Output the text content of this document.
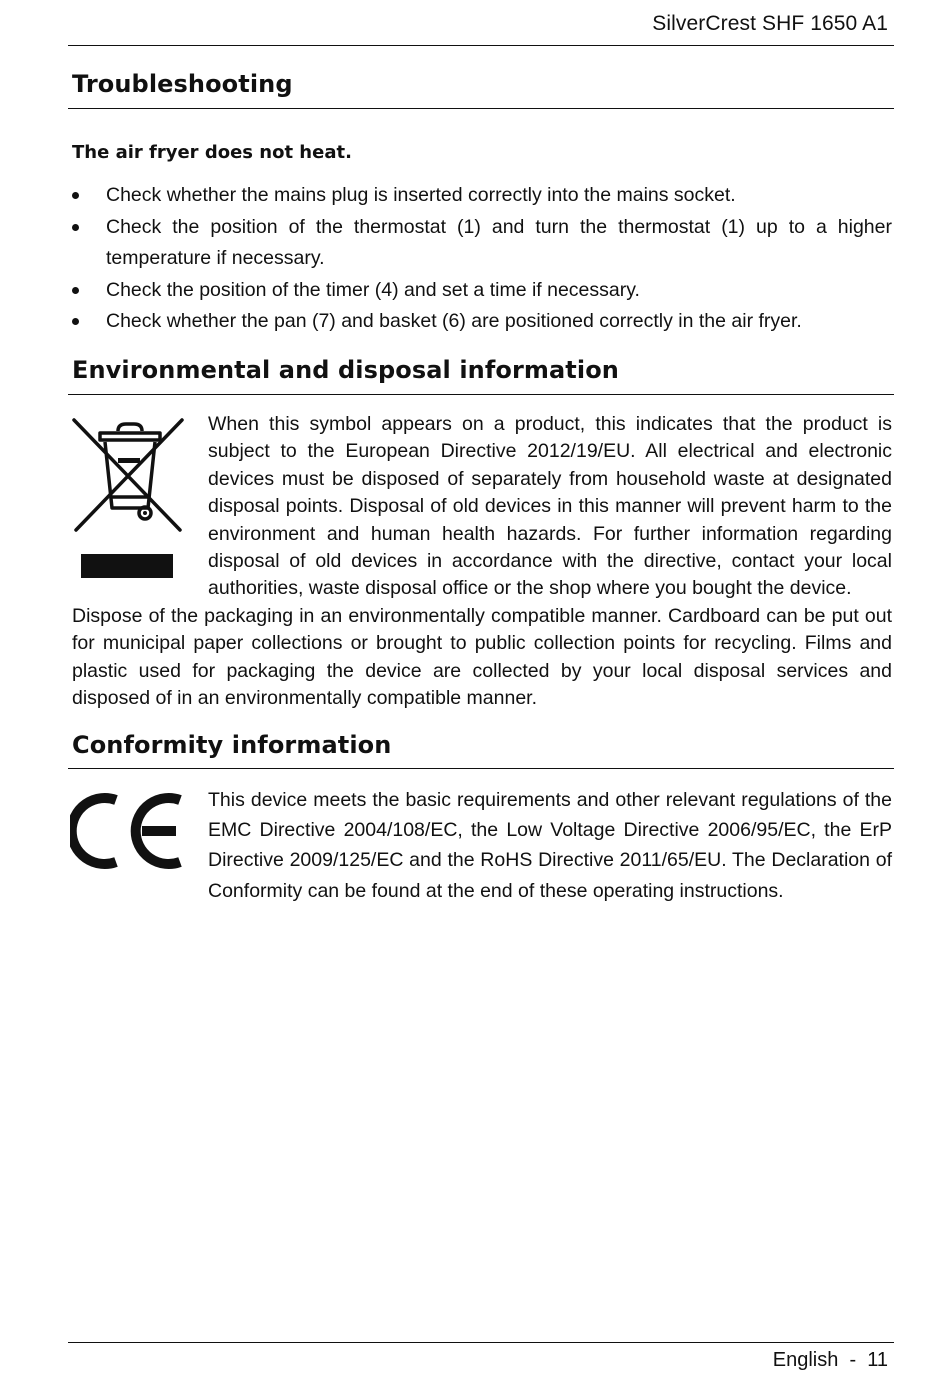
SilverCrest SHF 1650 A1
Troubleshooting
The air fryer does not heat.
Check whether the mains plug is inserted correctly into the mains socket.
Check the position of the thermostat (1) and turn the thermostat (1) up to a higher temperature if necessary.
Check the position of the timer (4) and set a time if necessary.
Check whether the pan (7) and basket (6) are positioned correctly in the air fryer.
Environmental and disposal information

When this symbol appears on a product, this indicates that the product is subject to the European Directive 2012/19/EU. All electrical and electronic devices must be disposed of separately from household waste at designated disposal points. Disposal of old devices in this manner will prevent harm to the environment and human health hazards. For further information regarding disposal of old devices in accordance with the directive, contact your local authorities, waste disposal office or the shop where you bought the device.

Dispose of the packaging in an environmentally compatible manner. Cardboard can be put out for municipal paper collections or brought to public collection points for recycling. Films and plastic used for packaging the device are collected by your local disposal services and disposed of in an environmentally compatible manner.

Conformity information

This device meets the basic requirements and other relevant regulations of the EMC Directive 2004/108/EC, the Low Voltage Directive 2006/95/EC, the ErP Directive 2009/125/EC and the RoHS Directive 2011/65/EU. The Declaration of Conformity can be found at the end of these operating instructions.

English  -  11
